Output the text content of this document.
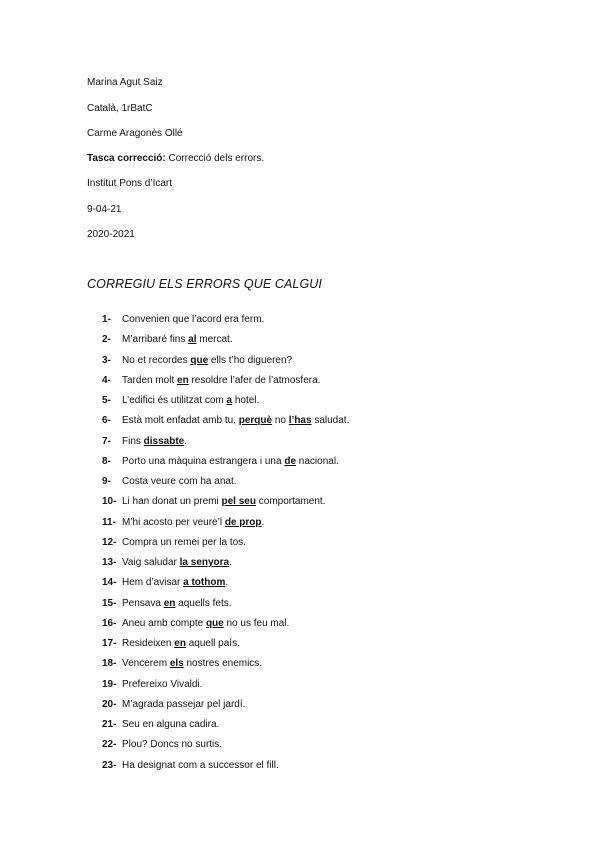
Marina Agut Saiz
Català, 1rBatC
Carme Aragonès Ollé
Tasca correcció: Correcció dels errors.
Institut Pons d’Icart
9-04-21
2020-2021
CORREGIU ELS ERRORS QUE CALGUI
1- Convenien que l’acord era ferm.
2- M’arribaré fins al mercat.
3- No et recordes que ells t’ho digueren?
4- Tarden molt en resoldre l’afer de l’atmosfera.
5- L’edifici és utilitzat com a hotel.
6- Està molt enfadat amb tu, perquè no l’has saludat.
7- Fins dissabte.
8- Porto una màquina estrangera i una de nacional.
9- Costa veure com ha anat.
10- Li han donat un premi pel seu comportament.
11- M’hi acosto per veure’l de prop.
12- Compra un remei per la tos.
13- Vaig saludar la senyora.
14- Hem d’avisar a tothom.
15- Pensava en aquells fets.
16- Aneu amb compte que no us feu mal.
17- Resideixen en aquell país.
18- Vencerem els nostres enemics.
19- Prefereixo Vivaldi.
20- M’agrada passejar pel jardí.
21- Seu en alguna cadira.
22- Plou? Doncs no surtis.
23- Ha designat com a successor el fill.
